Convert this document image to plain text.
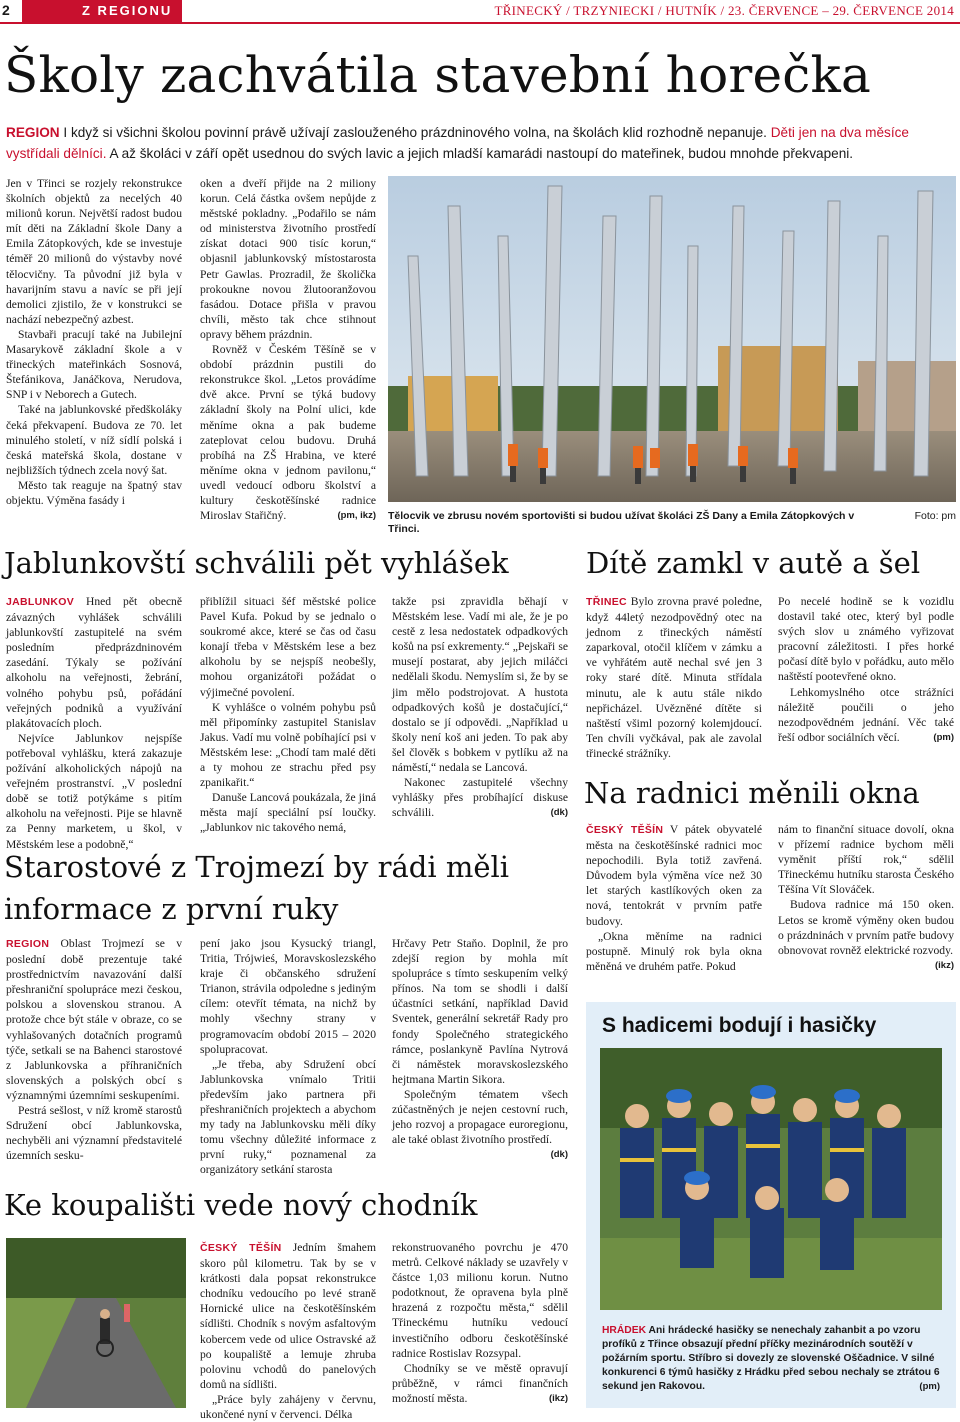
2	Z REGIONU	TŘINECKÝ / TRZYNIECKI / HUTNÍK / 23. ČERVENCE – 29. ČERVENCE 2014
Školy zachvátila stavební horečka
REGION I když si všichni školou povinní právě užívají zaslouženého prázdninového volna, na školách klid rozhodně nepanuje. Děti jen na dva měsíce vystřídali dělníci. A až školáci v září opět usednou do svých lavic a jejich mladší kamarádi nastoupí do mateřinek, budou mnohde překvapeni.

Jen v Třinci se rozjely rekonstrukce školních objektů za necelých 40 milionů korun. Největší radost budou mít děti na Základní škole Dany a Emila Zátopkových, kde se investuje téměř 20 milionů do výstavby nové tělocvičny. Ta původní již byla v havarijním stavu a navíc se při její demolici zjistilo, že v konstrukci se nachází nebezpečný azbest.

Stavbaři pracují také na Jubilejní Masarykově základní škole a v třineckých mateřinkách Sosnová, Štefánikova, Janáčkova, Nerudova, SNP i v Neborech a Gutech.

Také na jablunkovské předškoláky čeká překvapení. Budova ze 70. let minulého století, v níž sídlí polská i česká mateřská škola, dostane v nejbližších týdnech zcela nový šat.

Město tak reaguje na špatný stav objektu. Výměna fasády i

oken a dveří přijde na 2 miliony korun. Celá částka ovšem nepůjde z městské pokladny. „Podařilo se nám od ministerstva životního prostředí získat dotaci 900 tisíc korun,“ objasnil jablunkovský místostarosta Petr Gawlas. Prozradil, že školička prokoukne novou žlutooranžovou fasádou. Dotace přišla v pravou chvíli, město tak chce stihnout opravy během prázdnin.

Rovněž v Českém Těšíně se v období prázdnin pustili do rekonstrukce škol. „Letos provádíme dvě akce. První se týká budovy základní školy na Polní ulici, kde měníme okna a pak budeme zateplovat celou budovu. Druhá probíhá na ZŠ Hrabina, ve které měníme okna v jednom pavilonu,“ uvedl vedoucí odboru školství a kultury českotěšínské radnice Miroslav Stařičný.	(pm, ikz) Tělocvik ve zbrusu novém sportovišti si budou užívat školáci ZŠ Dany a Emila Zátopkových v Třinci.
Foto: pm
Jablunkovští schválili pět vyhlášek

JABLUNKOV Hned pět obecně závazných vyhlášek schválili jablunkovští zastupitelé na svém posledním předprázdninovém zasedání. Týkaly se požívání alkoholu na veřejnosti, žebrání, volného pohybu psů, pořádání veřejných podniků a využívání plakátovacích ploch.

Nejvíce Jablunkov nejspíše potřeboval vyhlášku, která zakazuje požívání alkoholických nápojů na veřejném prostranství. „V poslední době se totiž potýkáme s pitím alkoholu na veřejnosti. Pije se hlavně za Penny marketem, u škol, v Městském lese a podobně,“

přiblížil situaci šéf městské police Pavel Kufa. Pokud by se jednalo o soukromé akce, které se čas od času konají třeba v Městském lese a bez alkoholu by se nejspíš neobešly, mohou organizátoři požádat o výjimečné povolení.

K vyhlášce o volném pohybu psů měl připomínky zastupitel Stanislav Jakus. Vadí mu volně pobíhající psi v Městském lese: „Chodí tam malé děti a ty mohou ze strachu před psy zpanikařit.“

Danuše Lancová poukázala, že jiná města mají speciální psí loučky. „Jablunkov nic takového nemá,

takže psi zpravidla běhají v Městském lese. Vadí mi ale, že je po cestě z lesa nedostatek odpadkových košů na psí exkrementy.“ „Pejskaři se musejí postarat, aby jejich miláčci nedělali škodu. Nemyslím si, že by se jim mělo podstrojovat. A hustota odpadkových košů je dostačující,“ dostalo se jí odpovědi. „Například u školy není koš ani jeden. To pak aby šel člověk s bobkem v pytlíku až na náměstí,“ nedala se Lancová.

Nakonec zastupitelé všechny vyhlášky přes probíhající diskuse schválili.	(dk)

Dítě zamkl v autě a šel

TŘINEC Bylo zrovna pravé poledne, když 44letý nezodpovědný otec na jednom z třineckých náměstí zaparkoval, otočil klíčem v zámku a ve vyhřátém autě nechal své jen 3 roky staré dítě. Minuta střídala minutu, ale k autu stále nikdo nepřicházel. Uvězněné dítěte si naštěstí všiml pozorný kolemjdoucí. Ten chvíli vyčkával, pak ale zavolal třinecké strážníky.

Po necelé hodině se k vozidlu dostavil také otec, který byl podle svých slov u známého vyřizovat pracovní záležitosti. I přes horké počasí dítě bylo v pořádku, auto mělo naštěstí pootevřené okno.

Lehkomyslného otce strážníci náležitě poučili o jeho nezodpovědném jednání. Věc také řeší odbor sociálních věcí.	(pm)

Na radnici měnili okna

ČESKÝ TĚŠÍN V pátek obyvatelé města na českotěšínské radnici moc nepochodili. Byla totiž zavřená. Důvodem byla výměna více než 30 let starých kastlíkových oken za nová, tentokrát v prvním patře budovy.

„Okna měníme na radnici postupně. Minulý rok byla okna měněná ve druhém patře. Pokud

nám to finanční situace dovolí, okna v přízemí radnice bychom měli vyměnit příští rok,“ sdělil Třineckému hutníku starosta Českého Těšína Vít Slováček.

Budova radnice má 150 oken. Letos se kromě výměny oken budou o prázdninách v prvním patře budovy obnovovat rovněž elektrické rozvody.
(ikz)

Starostové z Trojmezí by rádi měli
informace z první ruky

REGION Oblast Trojmezí se v poslední době prezentuje také prostřednictvím navazování další přeshraniční spolupráce mezi českou, polskou a slovenskou stranou. A protože chce být stále v obraze, co se vyhlašovaných dotačních programů týče, setkali se na Bahenci starostové z Jablunkovska a příhraničních slovenských a polských obcí s významnými územními seskupeními.

Pestrá sešlost, v níž kromě starostů Sdružení obcí Jablunkovska, nechyběli ani významní představitelé územních sesku-

pení jako jsou Kysucký triangl, Tritia, Trójwieś, Moravskoslezského kraje či občanského sdružení Trianon, strávila odpoledne s jediným cílem: otevřít témata, na nichž by mohly všechny strany v programovacím období 2015 – 2020 spolupracovat.

„Je třeba, aby Sdružení obcí Jablunkovska vnímalo Tritii především jako partnera při přeshraničních projektech a abychom my tady na Jablunkovsku měli díky tomu všechny důležité informace z první ruky,“ poznamenal za organizátory setkání starosta

Hrčavy Petr Staňo. Doplnil, že pro zdejší region by mohla mít spolupráce s tímto seskupením velký přínos. Na tom se shodli i další účastníci setkání, například David Sventek, generální sekretář Rady pro fondy Společného strategického rámce, poslankyně Pavlína Nytrová či náměstek moravskoslezského hejtmana Martin Sikora.

Společným tématem všech zúčastněných je nejen cestovní ruch, jeho rozvoj a propagace euroregionu, ale také oblast životního prostředí.
(dk)

S hadicemi bodují i hasičky
HRÁDEK Ani hrádecké hasičky se nenechaly zahanbit a po vzoru profíků z Třince obsazují přední příčky mezinárodních soutěží v požárním sportu. Stříbro si dovezly ze slovenské Oščadnice. V silné konkurenci 6 týmů hasičky z Hrádku před sebou nechaly se ztrátou 6 sekund jen Rakovou.	(pm)
Ke koupališti vede nový chodník

ČESKÝ TĚŠÍN Jedním šmahem skoro půl kilometru. Tak by se v krátkosti dala popsat rekonstrukce chodníku vedoucího po levé straně Hornické ulice na českotěšínském sídlišti. Chodník s novým asfaltovým kobercem vede od ulice Ostravské až po koupaliště a lemuje zhruba polovinu vchodů do panelových domů na sídlišti.

„Práce byly zahájeny v červnu, ukončené nyní v červenci. Délka

rekonstruovaného povrchu je 470 metrů. Celkové náklady se uzavřely v částce 1,03 milionu korun. Nutno podotknout, že opravena byla plně hrazená z rozpočtu města,“ sdělil Třineckému hutníku vedoucí investičního odboru českotěšínské radnice Rostislav Rozsypal.

Chodníky se ve městě opravují průběžně, v rámci finančních možností města.	(ikz)
